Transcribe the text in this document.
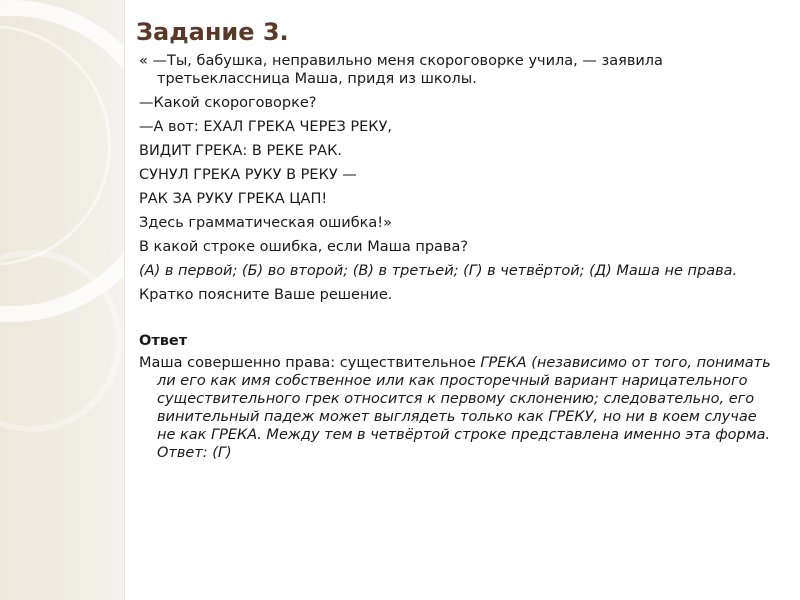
Задание 3.

« —Ты, бабушка, неправильно меня скороговорке учила, — заявила третьеклассница Маша, придя из школы.

—Какой скороговорке?

—А вот: ЕХАЛ ГРЕКА ЧЕРЕЗ РЕКУ,

ВИДИТ ГРЕКА: В РЕКЕ РАК.

СУНУЛ ГРЕКА РУКУ В РЕКУ —

РАК ЗА РУКУ ГРЕКА ЦАП!

Здесь грамматическая ошибка!»

В какой строке ошибка, если Маша права?

(А) в первой; (Б) во второй; (В) в третьей; (Г) в четвёртой; (Д) Маша не права.

Кратко поясните Ваше решение.

Ответ

Маша совершенно права: существительное ГРЕКА (независимо от того, понимать ли его как имя собственное или как просторечный вариант нарицательного существительного грек относится к первому склонению; следовательно, его винительный падеж может выглядеть только как ГРЕКУ, но ни в коем случае не как ГРЕКА. Между тем в четвёртой строке представлена именно эта форма. Ответ: (Г)
